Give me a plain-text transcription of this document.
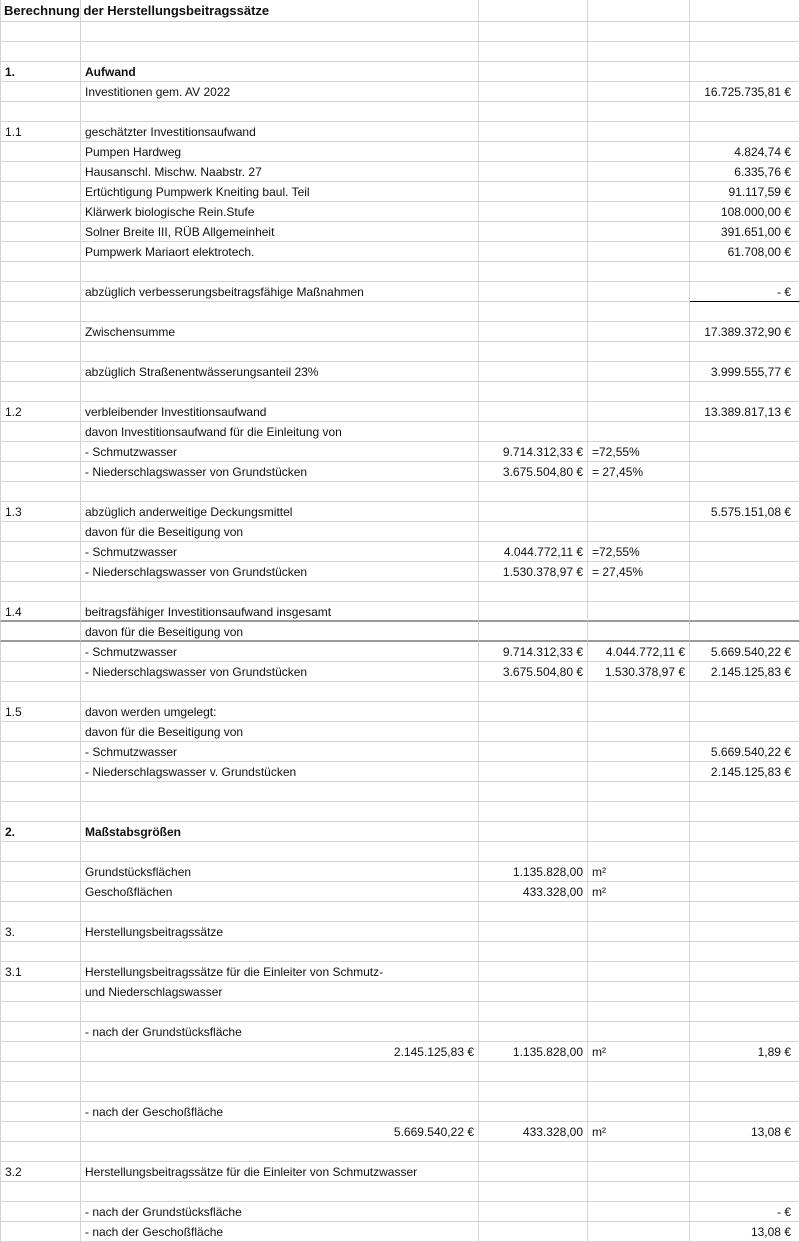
Berechnung der Herstellungsbeitragssätze
1.	Aufwand
Investitionen gem. AV 2022	16.725.735,81 €
1.1	geschätzter Investitionsaufwand
Pumpen Hardweg	4.824,74 €
Hausanschl. Mischw. Naabstr. 27	6.335,76 €
Ertüchtigung Pumpwerk Kneiting baul. Teil	91.117,59 €
Klärwerk biologische Rein.Stufe	108.000,00 €
Solner Breite III, RÜB Allgemeinheit	391.651,00 €
Pumpwerk Mariaort elektrotech.	61.708,00 €
abzüglich verbesserungsbeitragsfähige Maßnahmen	- €
Zwischensumme	17.389.372,90 €
abzüglich Straßenentwässerungsanteil 23%	3.999.555,77 €
1.2	verbleibender Investitionsaufwand	13.389.817,13 €
davon Investitionsaufwand für die Einleitung von
- Schmutzwasser	9.714.312,33 € =72,55%
- Niederschlagswasser von Grundstücken	3.675.504,80 € = 27,45%
1.3	abzüglich anderweitige Deckungsmittel	5.575.151,08 €
davon für die Beseitigung von
- Schmutzwasser	4.044.772,11 € =72,55%
- Niederschlagswasser von Grundstücken	1.530.378,97 € = 27,45%
1.4	beitragsfähiger Investitionsaufwand insgesamt
davon für die Beseitigung von
- Schmutzwasser	9.714.312,33 €	4.044.772,11 €	5.669.540,22 €
- Niederschlagswasser von Grundstücken	3.675.504,80 €	1.530.378,97 €	2.145.125,83 €
1.5	davon werden umgelegt:
davon für die Beseitigung von
- Schmutzwasser	5.669.540,22 €
- Niederschlagswasser v. Grundstücken	2.145.125,83 €
2.	Maßstabsgrößen
Grundstücksflächen	1.135.828,00 m²
Geschoßflächen	433.328,00 m²
3.	Herstellungsbeitragssätze
3.1	Herstellungsbeitragssätze für die Einleiter von Schmutz-
und Niederschlagswasser
- nach der Grundstücksfläche
2.145.125,83 €	1.135.828,00 m²	1,89 €
- nach der Geschoßfläche
5.669.540,22 €	433.328,00 m²	13,08 €
3.2	Herstellungsbeitragssätze für die Einleiter von Schmutzwasser
- nach der Grundstücksfläche	- €
- nach der Geschoßfläche	13,08 €
